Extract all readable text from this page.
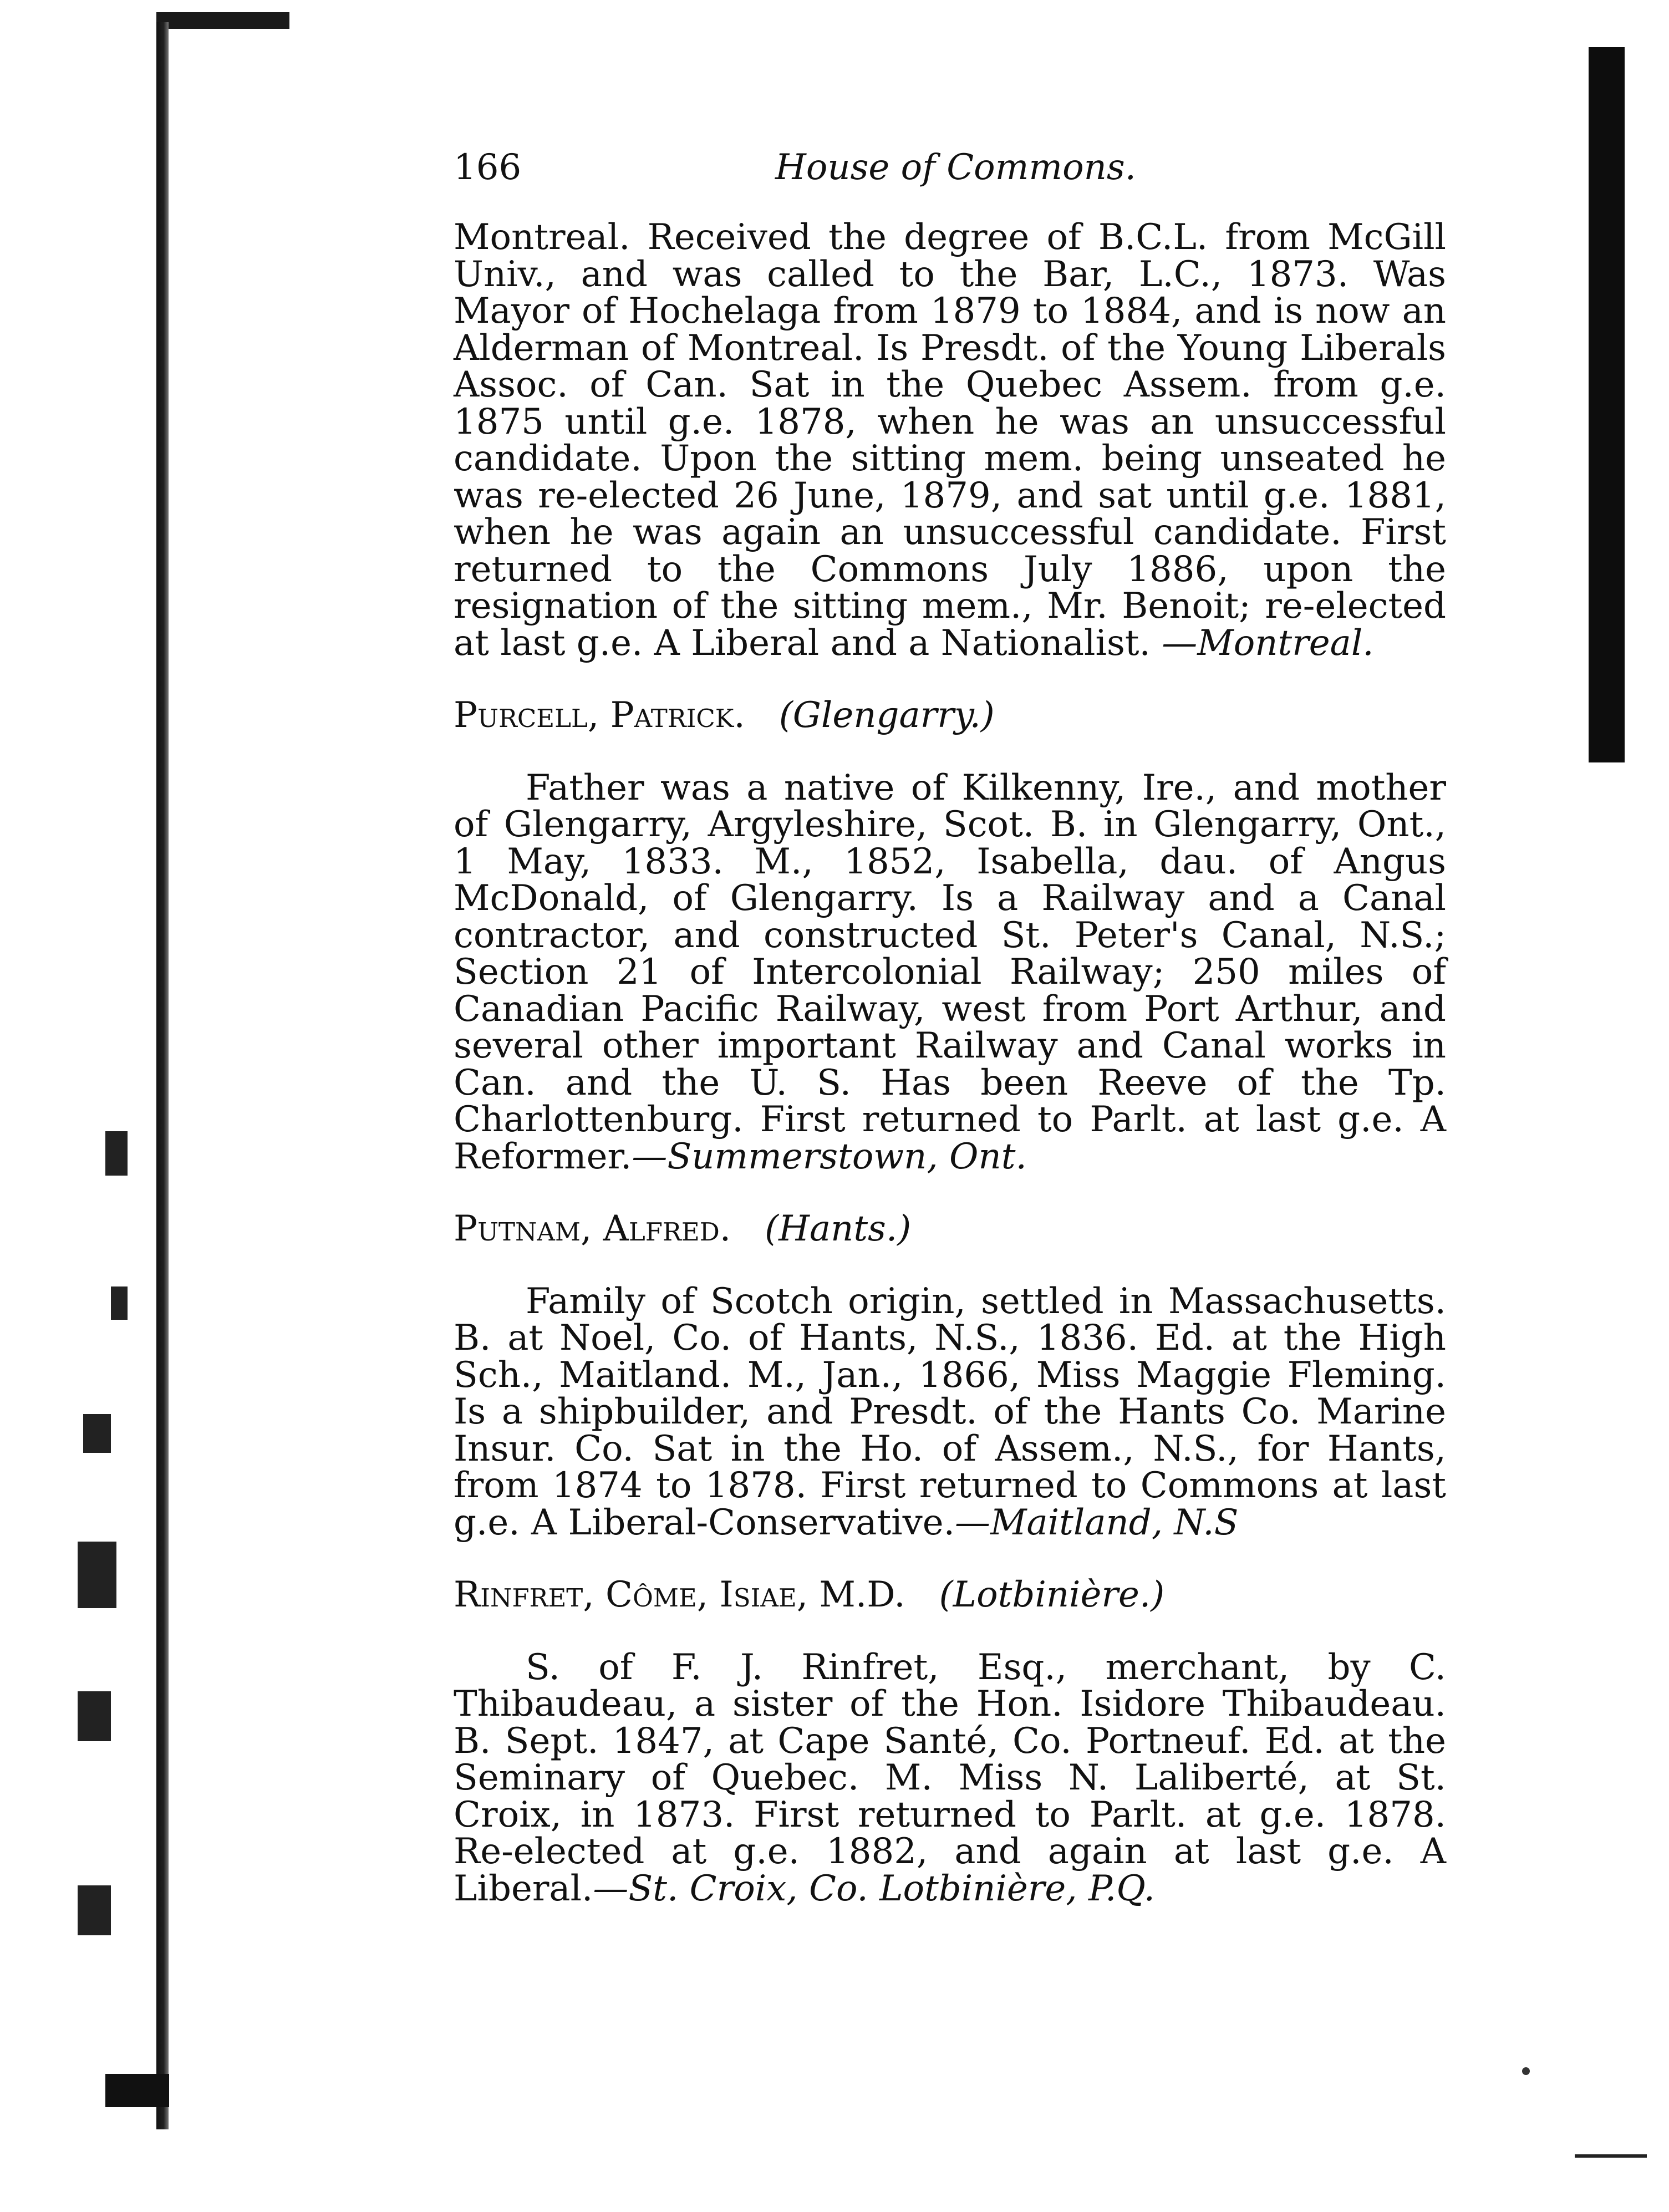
166	House of Commons.

Montreal. Received the degree of B.C.L. from McGill Univ., and was called to the Bar, L.C., 1873. Was Mayor of Hochelaga from 1879 to 1884, and is now an Alderman of Montreal. Is Presdt. of the Young Liberals Assoc. of Can. Sat in the Quebec Assem. from g.e. 1875 until g.e. 1878, when he was an unsuccessful candidate. Upon the sitting mem. being unseated he was re-elected 26 June, 1879, and sat until g.e. 1881, when he was again an unsuccessful candidate. First returned to the Commons July 1886, upon the resignation of the sitting mem., Mr. Benoit; re-elected at last g.e. A Liberal and a Nationalist. —Montreal.

Purcell, Patrick. (Glengarry.)

Father was a native of Kilkenny, Ire., and mother of Glengarry, Argyleshire, Scot. B. in Glengarry, Ont., 1 May, 1833. M., 1852, Isabella, dau. of Angus McDonald, of Glengarry. Is a Railway and a Canal contractor, and constructed St. Peter's Canal, N.S.; Section 21 of Intercolonial Railway; 250 miles of Canadian Pacific Railway, west from Port Arthur, and several other important Railway and Canal works in Can. and the U. S. Has been Reeve of the Tp. Charlottenburg. First returned to Parlt. at last g.e. A Reformer.—Summerstown, Ont.

Putnam, Alfred. (Hants.)

Family of Scotch origin, settled in Massachusetts. B. at Noel, Co. of Hants, N.S., 1836. Ed. at the High Sch., Maitland. M., Jan., 1866, Miss Maggie Fleming. Is a shipbuilder, and Presdt. of the Hants Co. Marine Insur. Co. Sat in the Ho. of Assem., N.S., for Hants, from 1874 to 1878. First returned to Commons at last g.e. A Liberal-Conservative.—Maitland, N.S

Rinfret, Côme, Isiae, M.D. (Lotbinière.)

S. of F. J. Rinfret, Esq., merchant, by C. Thibaudeau, a sister of the Hon. Isidore Thibaudeau. B. Sept. 1847, at Cape Santé, Co. Portneuf. Ed. at the Seminary of Quebec. M. Miss N. Laliberté, at St. Croix, in 1873. First returned to Parlt. at g.e. 1878. Re-elected at g.e. 1882, and again at last g.e. A Liberal.—St. Croix, Co. Lotbinière, P.Q.
